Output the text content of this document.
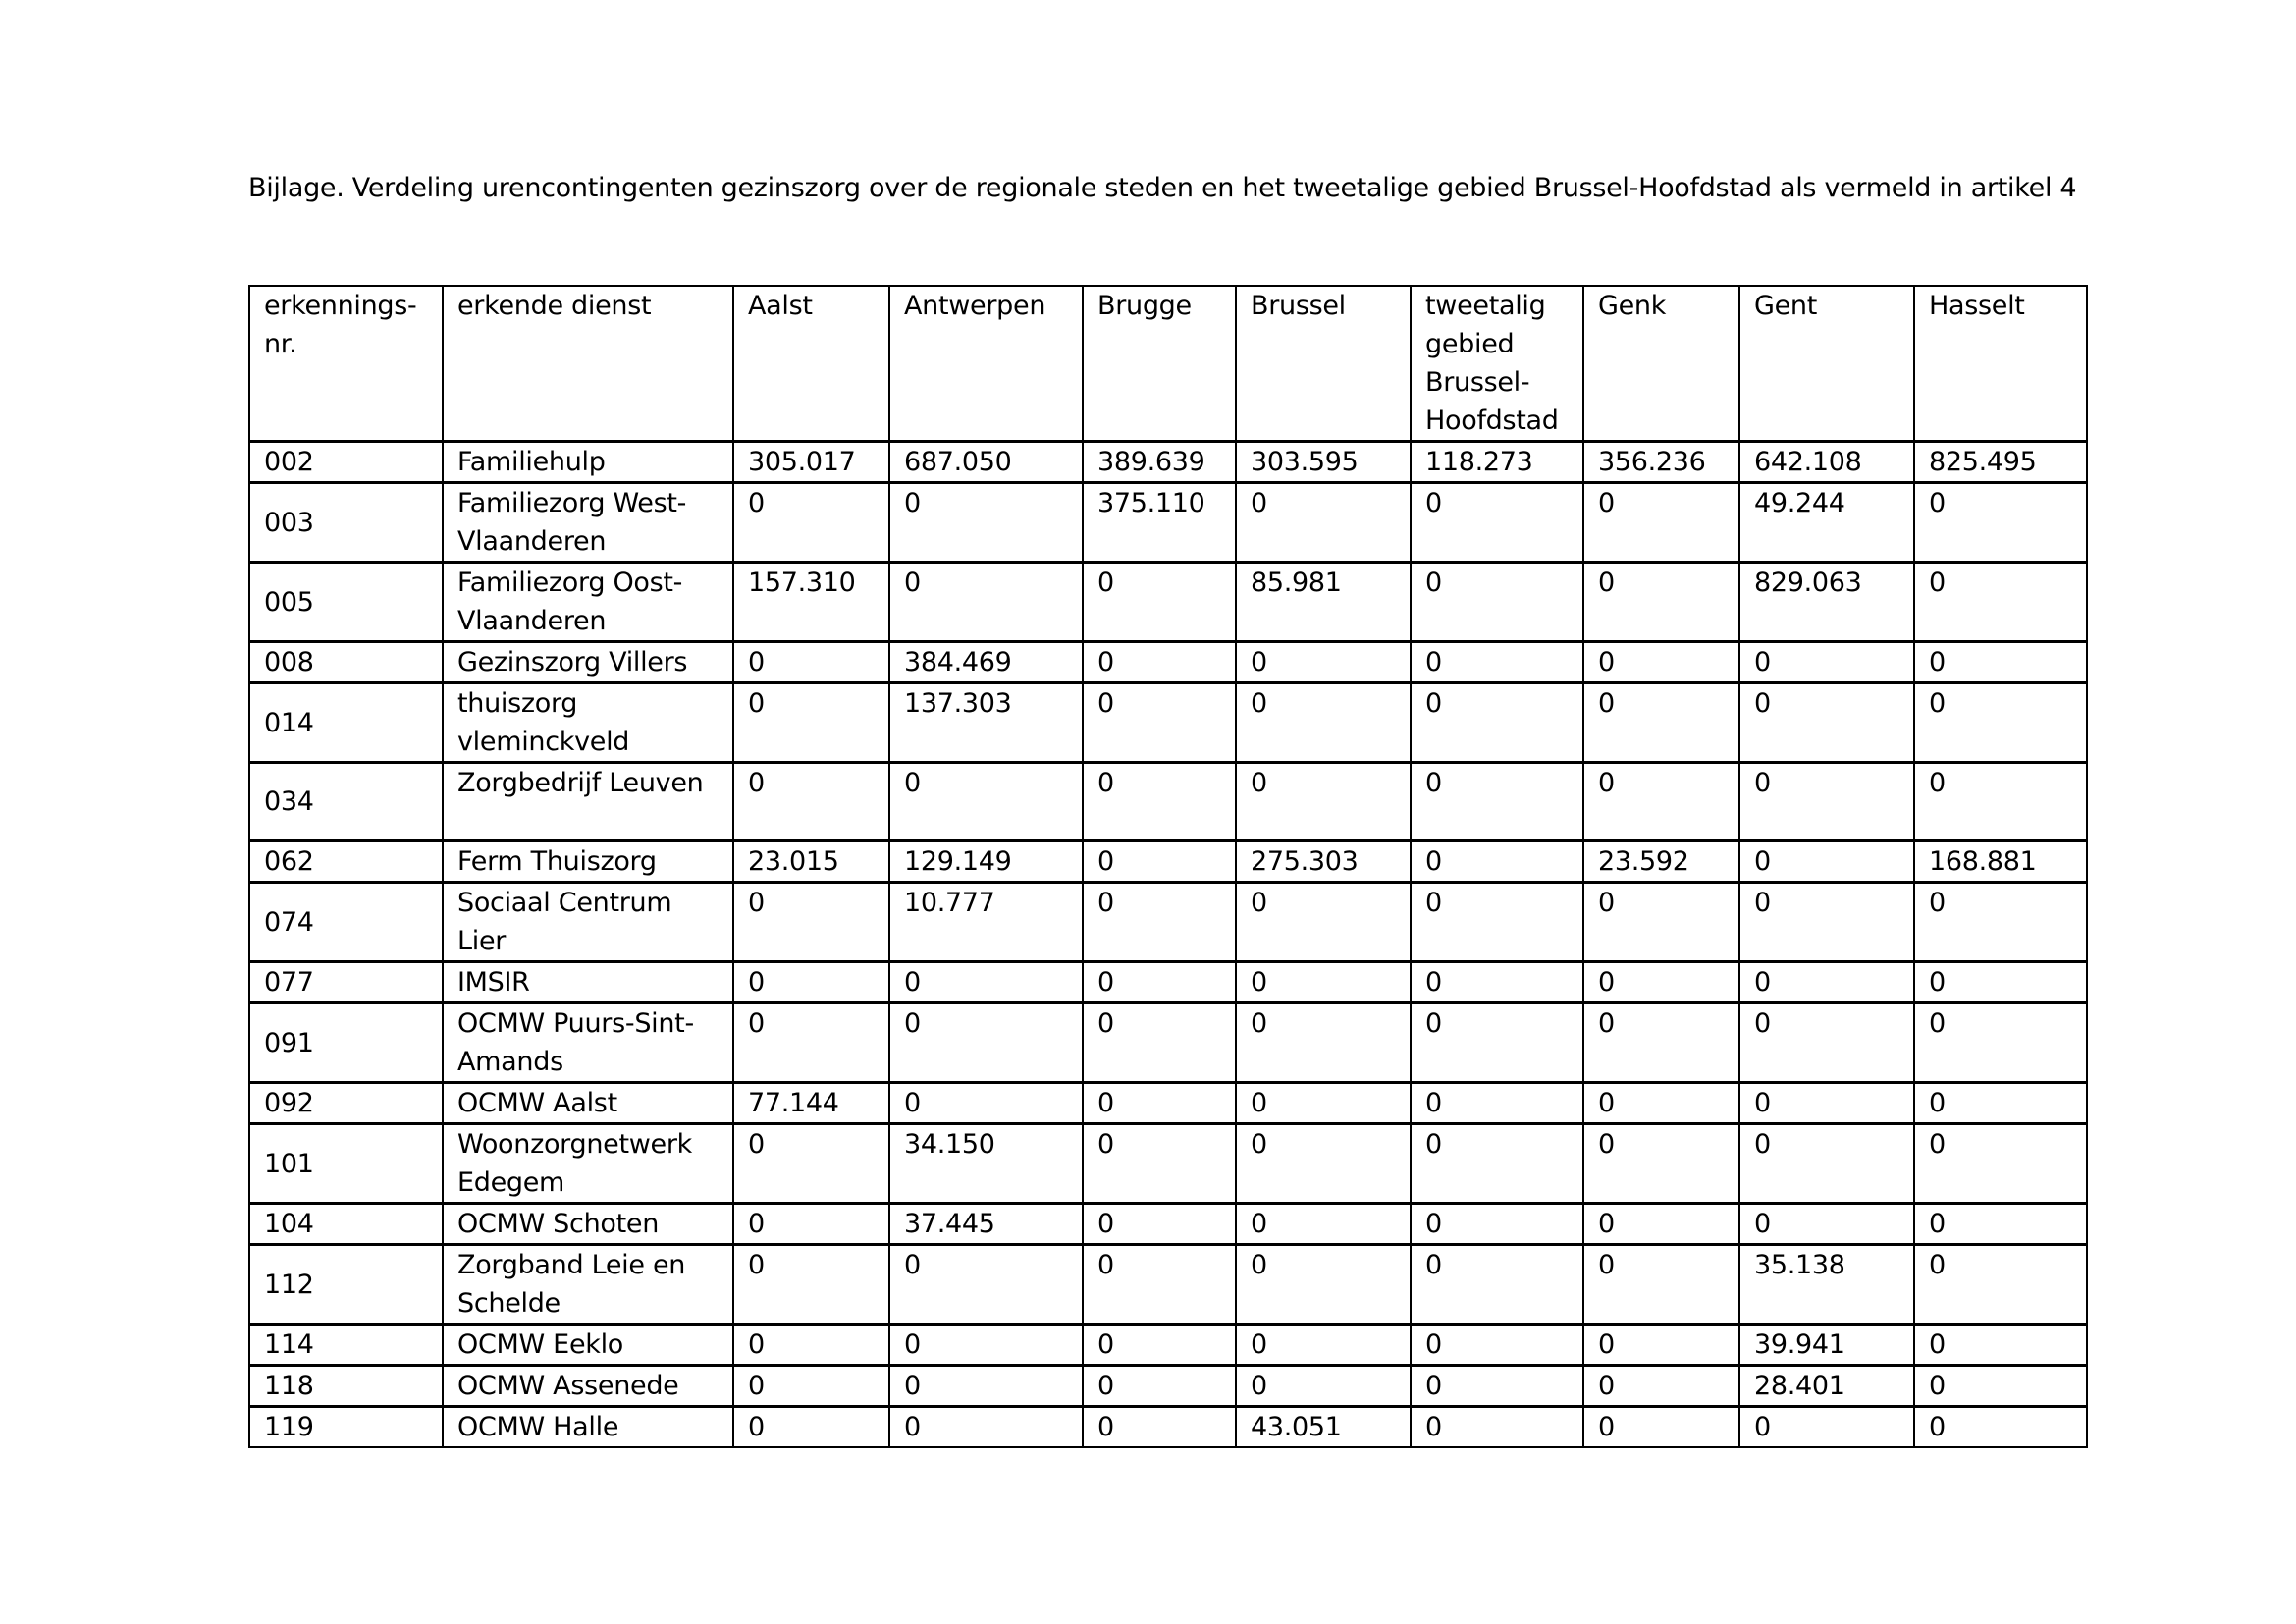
Bijlage. Verdeling urencontingenten gezinszorg over de regionale steden en het tweetalige gebied Brussel-Hoofdstad als vermeld in artikel 4
erkennings-nr.	erkende dienst	Aalst	Antwerpen	Brugge	Brussel	tweetalig gebied Brussel-Hoofdstad	Genk	Gent	Hasselt
002	Familiehulp	305.017	687.050	389.639	303.595	118.273	356.236	642.108	825.495
003	Familiezorg West-Vlaanderen	0	0	375.110	0	0	0	49.244	0
005	Familiezorg Oost-Vlaanderen	157.310	0	0	85.981	0	0	829.063	0
008	Gezinszorg Villers	0	384.469	0	0	0	0	0	0
014	thuiszorg vleminckveld	0	137.303	0	0	0	0	0	0
034	Zorgbedrijf Leuven	0	0	0	0	0	0	0	0
062	Ferm Thuiszorg	23.015	129.149	0	275.303	0	23.592	0	168.881
074	Sociaal Centrum Lier	0	10.777	0	0	0	0	0	0
077	IMSIR	0	0	0	0	0	0	0	0
091	OCMW Puurs-Sint-Amands	0	0	0	0	0	0	0	0
092	OCMW Aalst	77.144	0	0	0	0	0	0	0
101	Woonzorgnetwerk Edegem	0	34.150	0	0	0	0	0	0
104	OCMW Schoten	0	37.445	0	0	0	0	0	0
112	Zorgband Leie en Schelde	0	0	0	0	0	0	35.138	0
114	OCMW Eeklo	0	0	0	0	0	0	39.941	0
118	OCMW Assenede	0	0	0	0	0	0	28.401	0
119	OCMW Halle	0	0	0	43.051	0	0	0	0
